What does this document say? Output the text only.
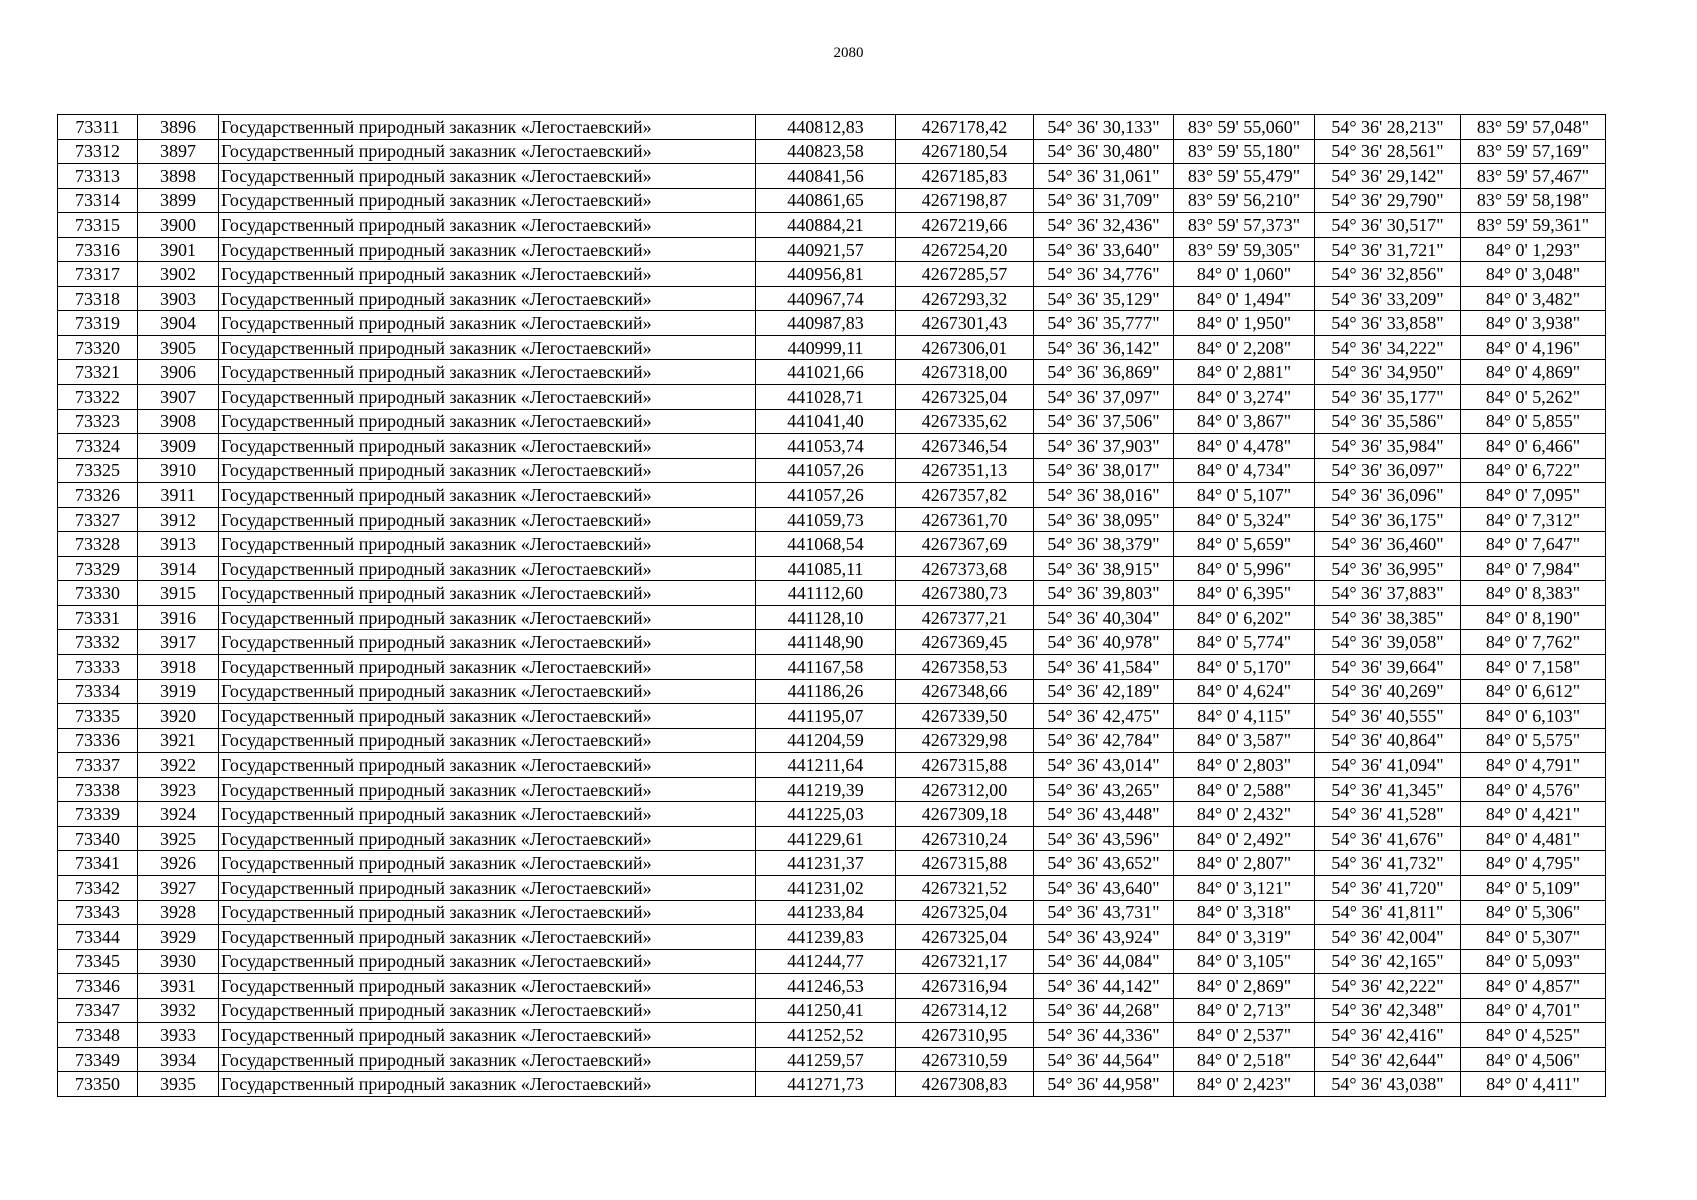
2080
73311	3896	Государственный природный заказник «Легостаевский»	440812,83	4267178,42	54° 36' 30,133"	83° 59' 55,060"	54° 36' 28,213"	83° 59' 57,048"
73312	3897	Государственный природный заказник «Легостаевский»	440823,58	4267180,54	54° 36' 30,480"	83° 59' 55,180"	54° 36' 28,561"	83° 59' 57,169"
73313	3898	Государственный природный заказник «Легостаевский»	440841,56	4267185,83	54° 36' 31,061"	83° 59' 55,479"	54° 36' 29,142"	83° 59' 57,467"
73314	3899	Государственный природный заказник «Легостаевский»	440861,65	4267198,87	54° 36' 31,709"	83° 59' 56,210"	54° 36' 29,790"	83° 59' 58,198"
73315	3900	Государственный природный заказник «Легостаевский»	440884,21	4267219,66	54° 36' 32,436"	83° 59' 57,373"	54° 36' 30,517"	83° 59' 59,361"
73316	3901	Государственный природный заказник «Легостаевский»	440921,57	4267254,20	54° 36' 33,640"	83° 59' 59,305"	54° 36' 31,721"	84° 0' 1,293"
73317	3902	Государственный природный заказник «Легостаевский»	440956,81	4267285,57	54° 36' 34,776"	84° 0' 1,060"	54° 36' 32,856"	84° 0' 3,048"
73318	3903	Государственный природный заказник «Легостаевский»	440967,74	4267293,32	54° 36' 35,129"	84° 0' 1,494"	54° 36' 33,209"	84° 0' 3,482"
73319	3904	Государственный природный заказник «Легостаевский»	440987,83	4267301,43	54° 36' 35,777"	84° 0' 1,950"	54° 36' 33,858"	84° 0' 3,938"
73320	3905	Государственный природный заказник «Легостаевский»	440999,11	4267306,01	54° 36' 36,142"	84° 0' 2,208"	54° 36' 34,222"	84° 0' 4,196"
73321	3906	Государственный природный заказник «Легостаевский»	441021,66	4267318,00	54° 36' 36,869"	84° 0' 2,881"	54° 36' 34,950"	84° 0' 4,869"
73322	3907	Государственный природный заказник «Легостаевский»	441028,71	4267325,04	54° 36' 37,097"	84° 0' 3,274"	54° 36' 35,177"	84° 0' 5,262"
73323	3908	Государственный природный заказник «Легостаевский»	441041,40	4267335,62	54° 36' 37,506"	84° 0' 3,867"	54° 36' 35,586"	84° 0' 5,855"
73324	3909	Государственный природный заказник «Легостаевский»	441053,74	4267346,54	54° 36' 37,903"	84° 0' 4,478"	54° 36' 35,984"	84° 0' 6,466"
73325	3910	Государственный природный заказник «Легостаевский»	441057,26	4267351,13	54° 36' 38,017"	84° 0' 4,734"	54° 36' 36,097"	84° 0' 6,722"
73326	3911	Государственный природный заказник «Легостаевский»	441057,26	4267357,82	54° 36' 38,016"	84° 0' 5,107"	54° 36' 36,096"	84° 0' 7,095"
73327	3912	Государственный природный заказник «Легостаевский»	441059,73	4267361,70	54° 36' 38,095"	84° 0' 5,324"	54° 36' 36,175"	84° 0' 7,312"
73328	3913	Государственный природный заказник «Легостаевский»	441068,54	4267367,69	54° 36' 38,379"	84° 0' 5,659"	54° 36' 36,460"	84° 0' 7,647"
73329	3914	Государственный природный заказник «Легостаевский»	441085,11	4267373,68	54° 36' 38,915"	84° 0' 5,996"	54° 36' 36,995"	84° 0' 7,984"
73330	3915	Государственный природный заказник «Легостаевский»	441112,60	4267380,73	54° 36' 39,803"	84° 0' 6,395"	54° 36' 37,883"	84° 0' 8,383"
73331	3916	Государственный природный заказник «Легостаевский»	441128,10	4267377,21	54° 36' 40,304"	84° 0' 6,202"	54° 36' 38,385"	84° 0' 8,190"
73332	3917	Государственный природный заказник «Легостаевский»	441148,90	4267369,45	54° 36' 40,978"	84° 0' 5,774"	54° 36' 39,058"	84° 0' 7,762"
73333	3918	Государственный природный заказник «Легостаевский»	441167,58	4267358,53	54° 36' 41,584"	84° 0' 5,170"	54° 36' 39,664"	84° 0' 7,158"
73334	3919	Государственный природный заказник «Легостаевский»	441186,26	4267348,66	54° 36' 42,189"	84° 0' 4,624"	54° 36' 40,269"	84° 0' 6,612"
73335	3920	Государственный природный заказник «Легостаевский»	441195,07	4267339,50	54° 36' 42,475"	84° 0' 4,115"	54° 36' 40,555"	84° 0' 6,103"
73336	3921	Государственный природный заказник «Легостаевский»	441204,59	4267329,98	54° 36' 42,784"	84° 0' 3,587"	54° 36' 40,864"	84° 0' 5,575"
73337	3922	Государственный природный заказник «Легостаевский»	441211,64	4267315,88	54° 36' 43,014"	84° 0' 2,803"	54° 36' 41,094"	84° 0' 4,791"
73338	3923	Государственный природный заказник «Легостаевский»	441219,39	4267312,00	54° 36' 43,265"	84° 0' 2,588"	54° 36' 41,345"	84° 0' 4,576"
73339	3924	Государственный природный заказник «Легостаевский»	441225,03	4267309,18	54° 36' 43,448"	84° 0' 2,432"	54° 36' 41,528"	84° 0' 4,421"
73340	3925	Государственный природный заказник «Легостаевский»	441229,61	4267310,24	54° 36' 43,596"	84° 0' 2,492"	54° 36' 41,676"	84° 0' 4,481"
73341	3926	Государственный природный заказник «Легостаевский»	441231,37	4267315,88	54° 36' 43,652"	84° 0' 2,807"	54° 36' 41,732"	84° 0' 4,795"
73342	3927	Государственный природный заказник «Легостаевский»	441231,02	4267321,52	54° 36' 43,640"	84° 0' 3,121"	54° 36' 41,720"	84° 0' 5,109"
73343	3928	Государственный природный заказник «Легостаевский»	441233,84	4267325,04	54° 36' 43,731"	84° 0' 3,318"	54° 36' 41,811"	84° 0' 5,306"
73344	3929	Государственный природный заказник «Легостаевский»	441239,83	4267325,04	54° 36' 43,924"	84° 0' 3,319"	54° 36' 42,004"	84° 0' 5,307"
73345	3930	Государственный природный заказник «Легостаевский»	441244,77	4267321,17	54° 36' 44,084"	84° 0' 3,105"	54° 36' 42,165"	84° 0' 5,093"
73346	3931	Государственный природный заказник «Легостаевский»	441246,53	4267316,94	54° 36' 44,142"	84° 0' 2,869"	54° 36' 42,222"	84° 0' 4,857"
73347	3932	Государственный природный заказник «Легостаевский»	441250,41	4267314,12	54° 36' 44,268"	84° 0' 2,713"	54° 36' 42,348"	84° 0' 4,701"
73348	3933	Государственный природный заказник «Легостаевский»	441252,52	4267310,95	54° 36' 44,336"	84° 0' 2,537"	54° 36' 42,416"	84° 0' 4,525"
73349	3934	Государственный природный заказник «Легостаевский»	441259,57	4267310,59	54° 36' 44,564"	84° 0' 2,518"	54° 36' 42,644"	84° 0' 4,506"
73350	3935	Государственный природный заказник «Легостаевский»	441271,73	4267308,83	54° 36' 44,958"	84° 0' 2,423"	54° 36' 43,038"	84° 0' 4,411"
